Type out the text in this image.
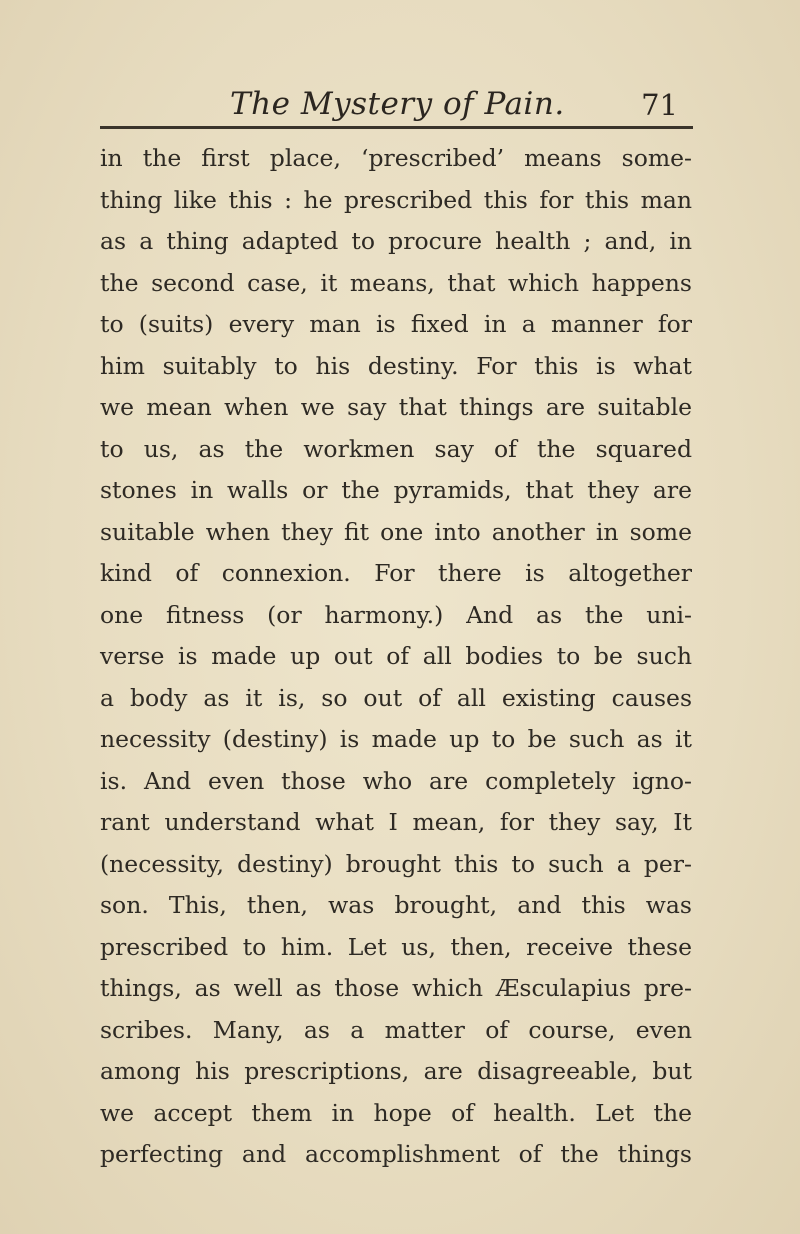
The Mystery of Pain.	71
in the first place, ‘prescribed’ means some-
thing like this : he prescribed this for this man
as a thing adapted to procure health ; and, in
the second case, it means, that which happens
to (suits) every man is fixed in a manner for
him suitably to his destiny. For this is what
we mean when we say that things are suitable
to us, as the workmen say of the squared
stones in walls or the pyramids, that they are
suitable when they fit one into another in some
kind of connexion. For there is altogether
one fitness (or harmony.) And as the uni-
verse is made up out of all bodies to be such
a body as it is, so out of all existing causes
necessity (destiny) is made up to be such as it
is. And even those who are completely igno-
rant understand what I mean, for they say, It
(necessity, destiny) brought this to such a per-
son. This, then, was brought, and this was
prescribed to him. Let us, then, receive these
things, as well as those which Æsculapius pre-
scribes. Many, as a matter of course, even
among his prescriptions, are disagreeable, but
we accept them in hope of health. Let the
perfecting and accomplishment of the things
